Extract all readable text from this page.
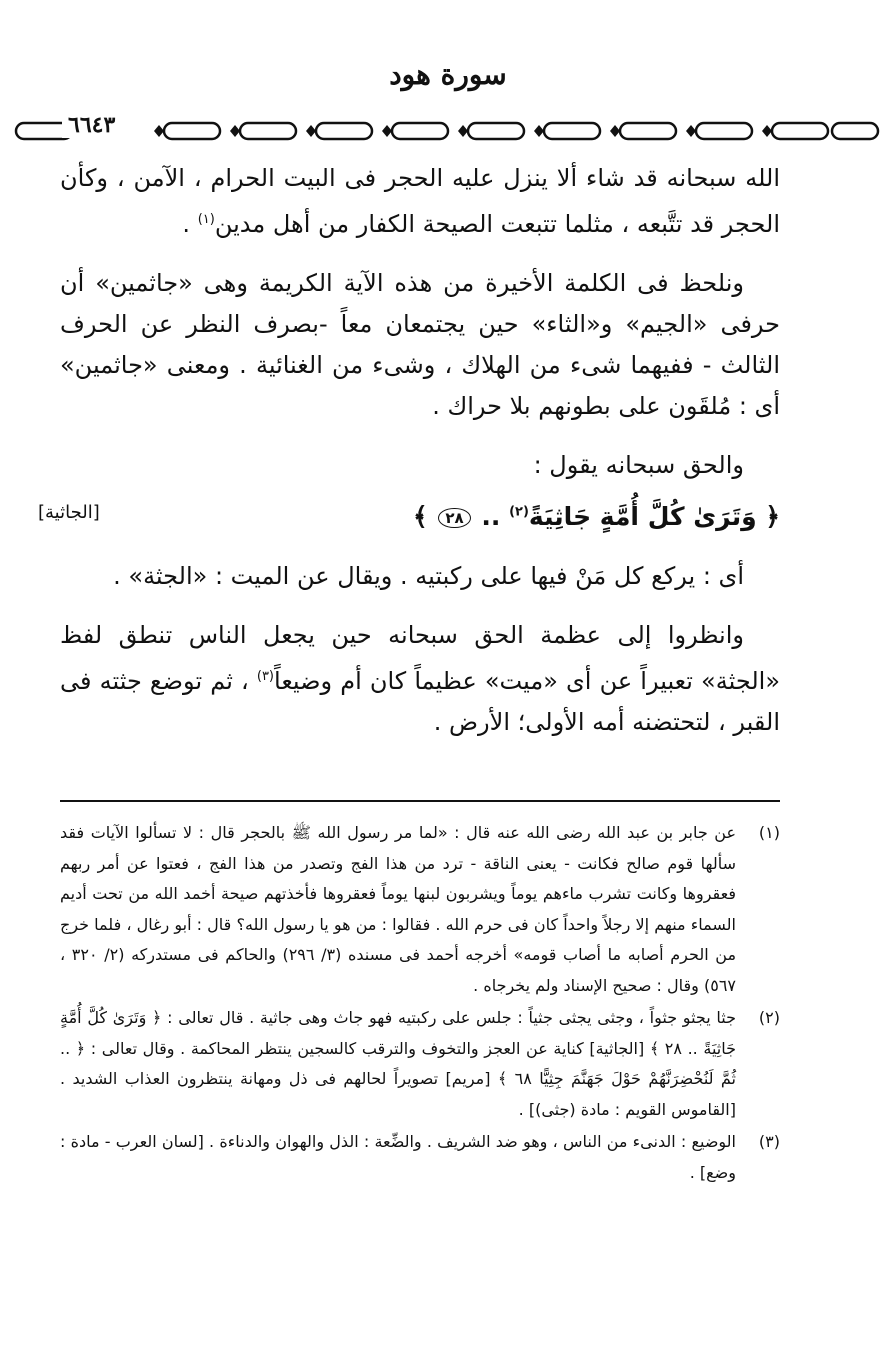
سورة هود
٦٦٤٣

الله سبحانه قد شاء ألا ينزل عليه الحجر فى البيت الحرام ، الآمن ، وكأن الحجر قد تتَّبعه ، مثلما تتبعت الصيحة الكفار من أهل مدين$^{(١)}$ .

ونلحظ فى الكلمة الأخيرة من هذه الآية الكريمة وهى «جاثمين» أن حرفى «الجيم» و«الثاء» حين يجتمعان معاً -بصرف النظر عن الحرف الثالث - ففيهما شىء من الهلاك ، وشىء من الغنائية . ومعنى «جاثمين» أى : مُلقَون على بطونهم بلا حراك .

والحق سبحانه يقول :

﴿ وَتَرَىٰ كُلَّ أُمَّةٍ جَاثِيَةً$^{(٢)}$ .. ٢٨ ﴾
[الجاثية]

أى : يركع كل مَنْ فيها على ركبتيه . ويقال عن الميت : «الجثة» .

وانظروا إلى عظمة الحق سبحانه حين يجعل الناس تنطق لفظ «الجثة» تعبيراً عن أى «ميت» عظيماً كان أم وضيعاً$^{(٣)}$ ، ثم توضع جثته فى القبر ، لتحتضنه أمه الأولى؛ الأرض .

(١)عن جابر بن عبد الله رضى الله عنه قال : «لما مر رسول الله ﷺ بالحجر قال : لا تسألوا الآيات فقد سألها قوم صالح فكانت - يعنى الناقة - ترد من هذا الفج وتصدر من هذا الفج ، فعتوا عن أمر ربهم فعقروها وكانت تشرب ماءهم يوماً ويشربون لبنها يوماً فعقروها فأخذتهم صيحة أخمد الله من تحت أديم السماء منهم إلا رجلاً واحداً كان فى حرم الله . فقالوا : من هو يا رسول الله؟ قال : أبو رغال ، فلما خرج من الحرم أصابه ما أصاب قومه» أخرجه أحمد فى مسنده (٣/ ٢٩٦) والحاكم فى مستدركه (٢/ ٣٢٠ ، ٥٦٧) وقال : صحيح الإسناد ولم يخرجاه .

(٢)جثا يجثو جثواً ، وجثى يجثى جثياً : جلس على ركبتيه فهو جاث وهى جاثية . قال تعالى : ﴿ وَتَرَىٰ كُلَّ أُمَّةٍ جَاثِيَةً .. ٢٨ ﴾ [الجاثية] كناية عن العجز والتخوف والترقب كالسجين ينتظر المحاكمة . وقال تعالى : ﴿ .. ثُمَّ لَنُحْضِرَنَّهُمْ حَوْلَ جَهَنَّمَ جِثِيًّا ٦٨ ﴾ [مريم] تصويراً لحالهم فى ذل ومهانة ينتظرون العذاب الشديد . [القاموس القويم : مادة (جثى)] .

(٣)الوضيع : الدنىء من الناس ، وهو ضد الشريف . والضِّعة : الذل والهوان والدناءة . [لسان العرب - مادة : وضع] .
